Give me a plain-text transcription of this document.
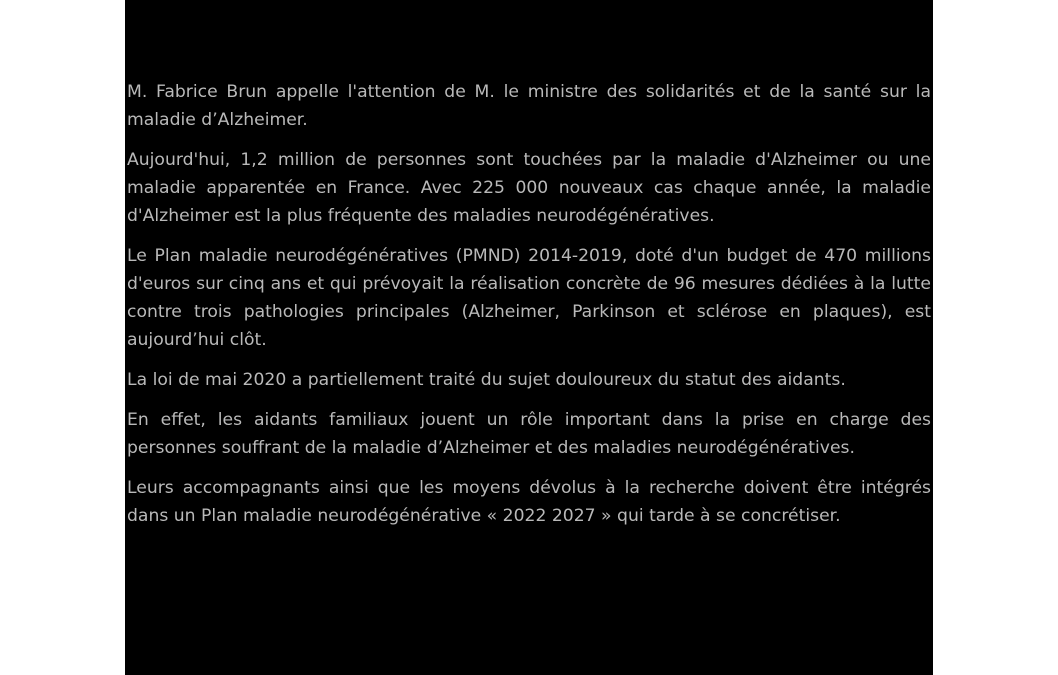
M. Fabrice Brun appelle l'attention de M. le ministre des solidarités et de la santé sur la maladie d’Alzheimer.

Aujourd'hui, 1,2 million de personnes sont touchées par la maladie d'Alzheimer ou une maladie apparentée en France. Avec 225 000 nouveaux cas chaque année, la maladie d'Alzheimer est la plus fréquente des maladies neurodégénératives.

Le Plan maladie neurodégénératives (PMND) 2014-2019, doté d'un budget de 470 millions d'euros sur cinq ans et qui prévoyait la réalisation concrète de 96 mesures dédiées à la lutte contre trois pathologies principales (Alzheimer, Parkinson et sclérose en plaques), est aujourd’hui clôt.

La loi de mai 2020 a partiellement traité du sujet douloureux du statut des aidants.

En effet, les aidants familiaux jouent un rôle important dans la prise en charge des personnes souffrant de la maladie d’Alzheimer et des maladies neurodégénératives.

Leurs accompagnants ainsi que les moyens dévolus à la recherche doivent être intégrés dans un Plan maladie neurodégénérative « 2022 2027 » qui tarde à se concrétiser.
